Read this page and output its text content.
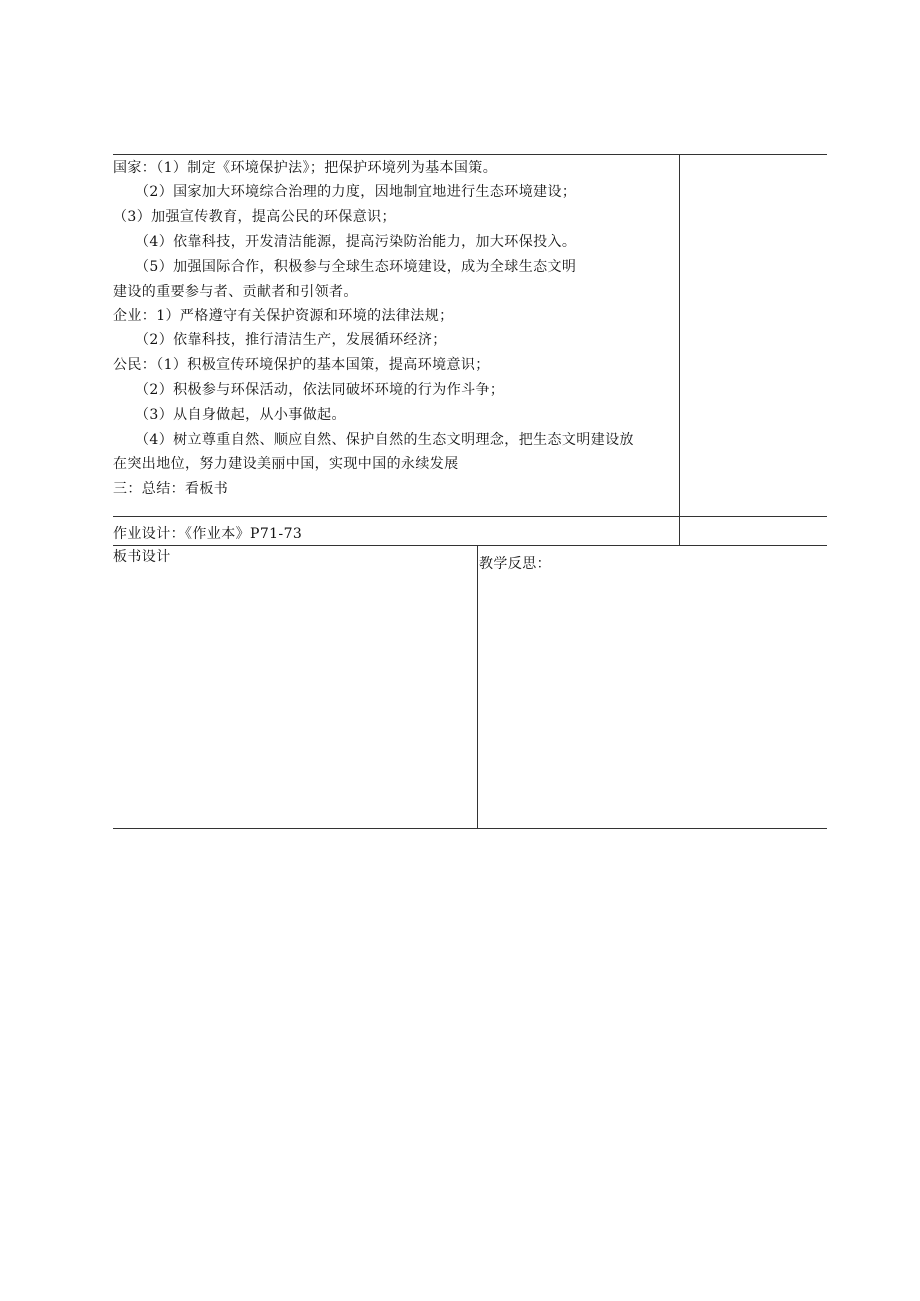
国家：（1）制定《环境保护法》；把保护环境列为基本国策。
（2）国家加大环境综合治理的力度，因地制宜地进行生态环境建设；
（3）加强宣传教育，提高公民的环保意识；
（4）依靠科技，开发清洁能源，提高污染防治能力，加大环保投入。
（5）加强国际合作，积极参与全球生态环境建设，成为全球生态文明
建设的重要参与者、贡献者和引领者。
企业：1）严格遵守有关保护资源和环境的法律法规；
（2）依靠科技，推行清洁生产，发展循环经济；
公民：（1）积极宣传环境保护的基本国策，提高环境意识；
（2）积极参与环保活动，依法同破坏环境的行为作斗争；
（3）从自身做起，从小事做起。
（4）树立尊重自然、顺应自然、保护自然的生态文明理念，把生态文明建设放
在突出地位，努力建设美丽中国，实现中国的永续发展
三：总结：看板书
作业设计：《作业本》P71-73
板书设计	教学反思：
